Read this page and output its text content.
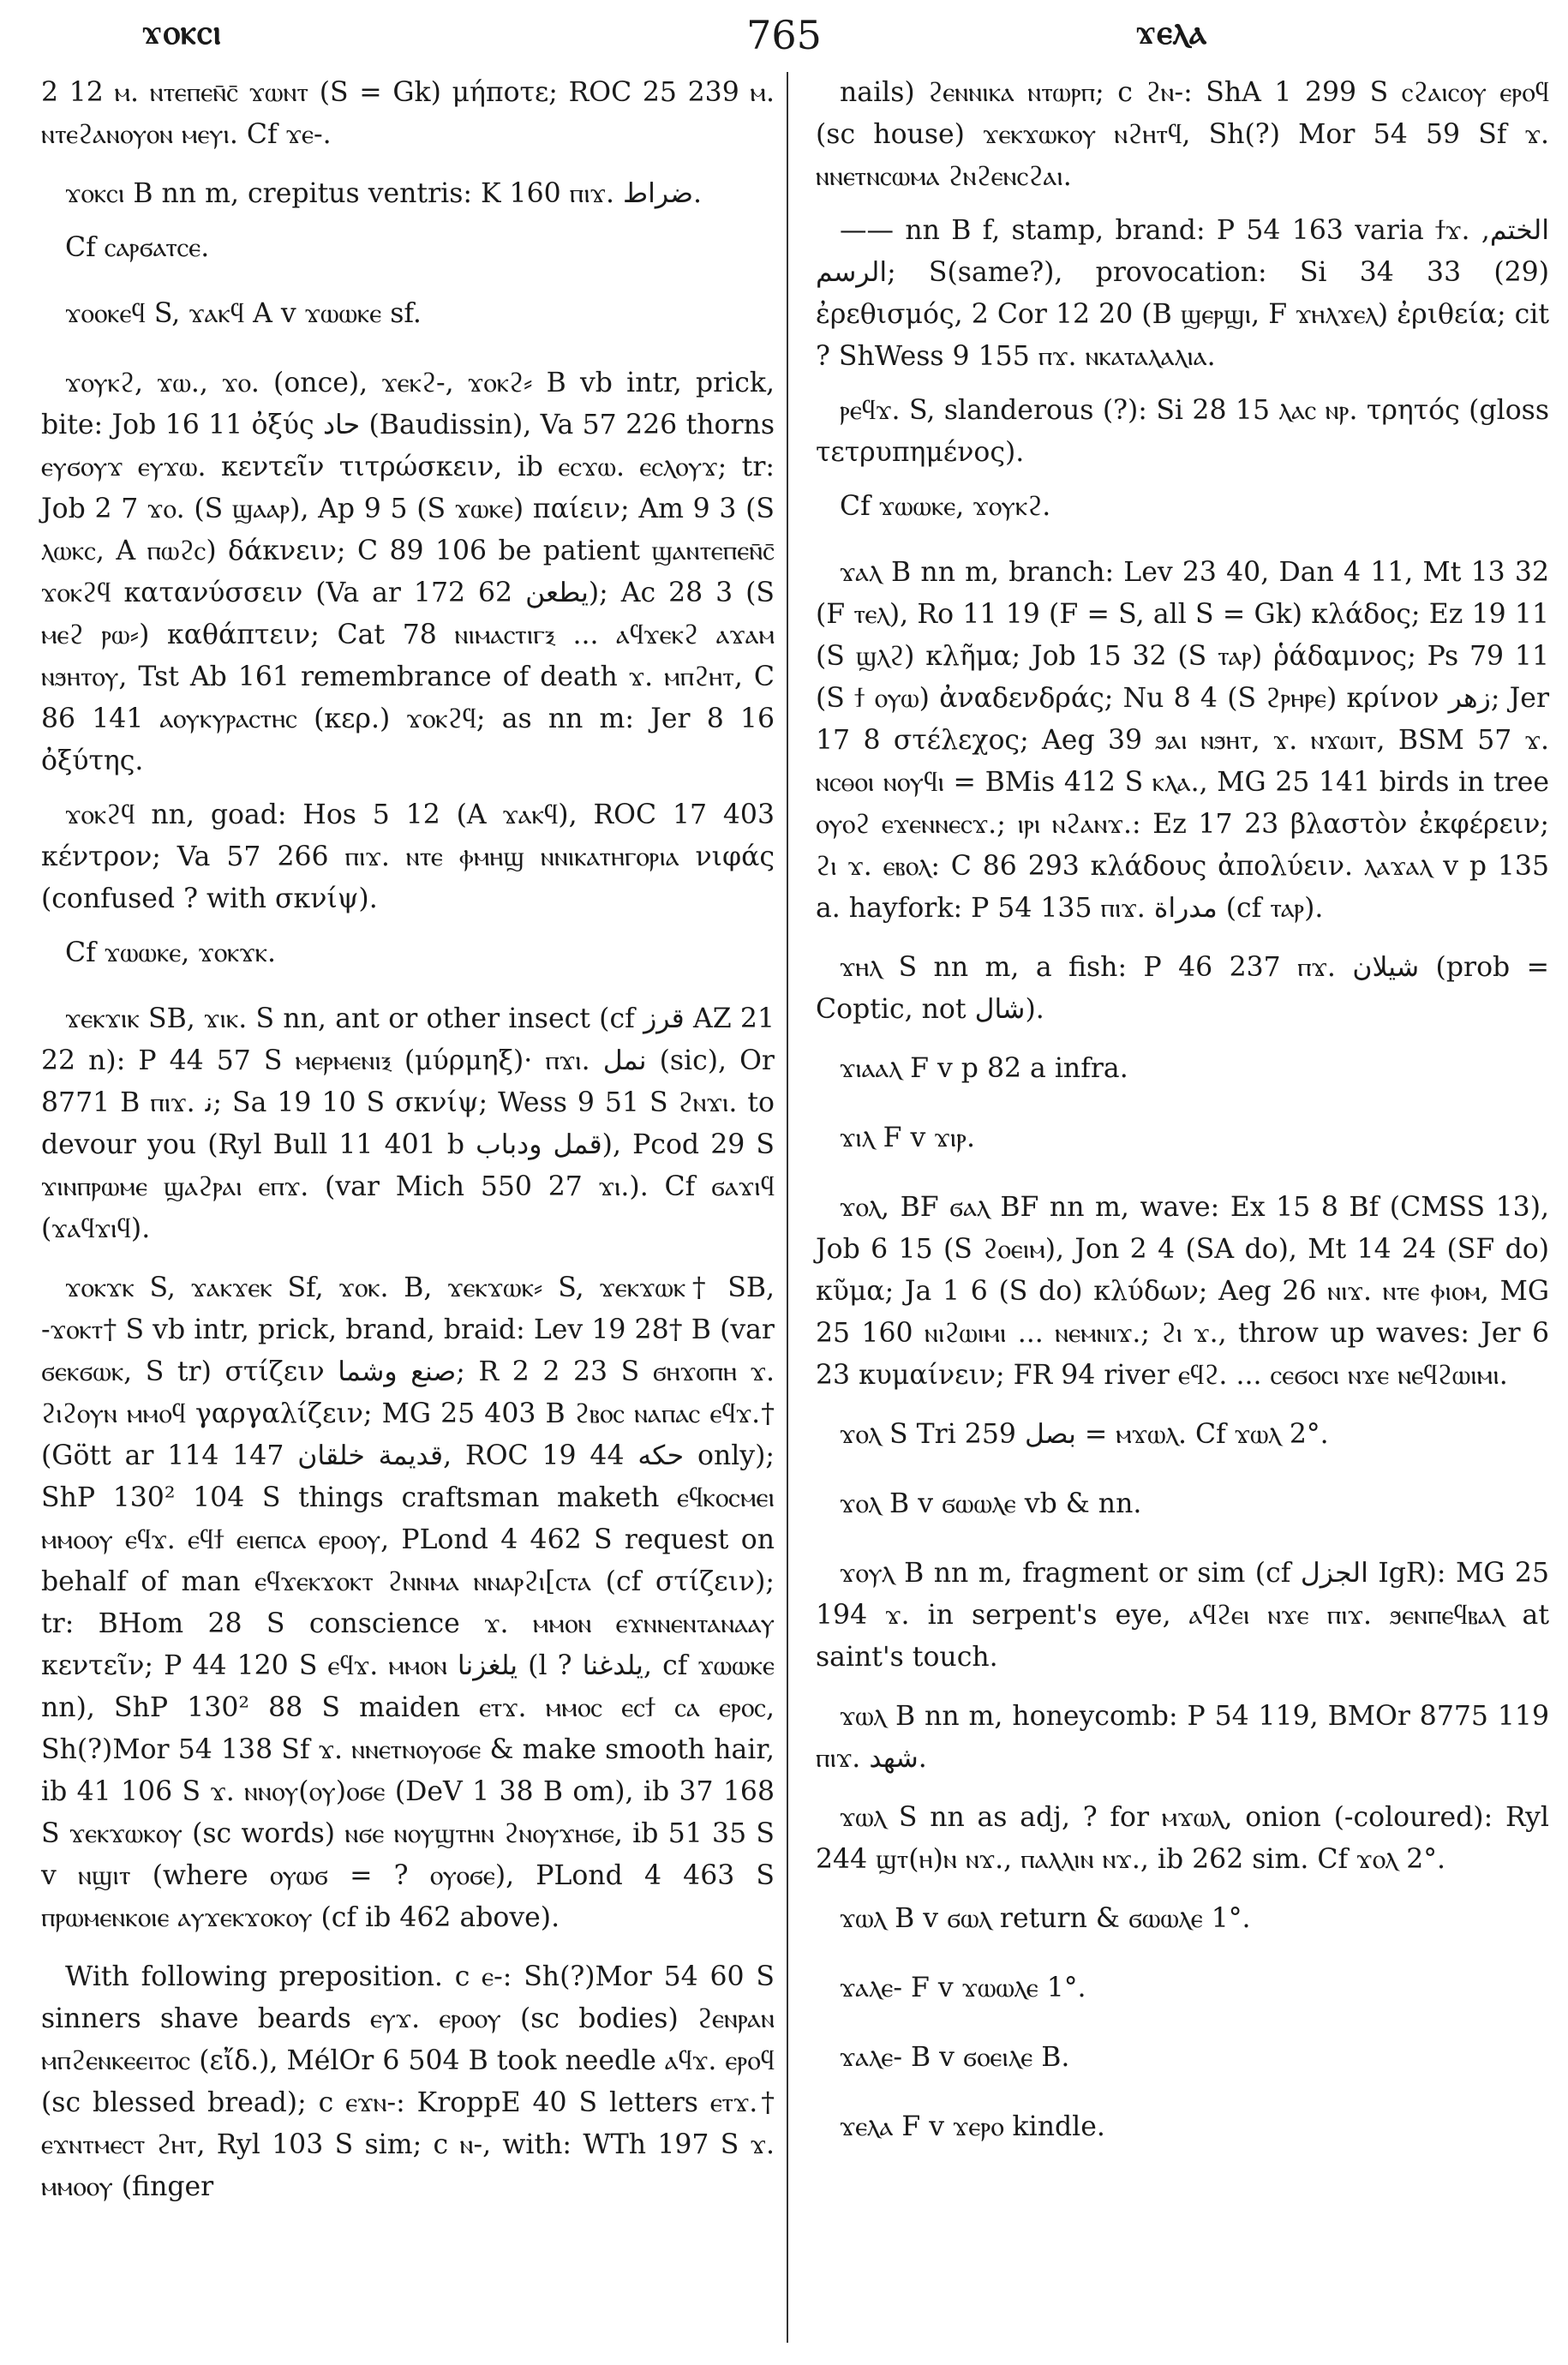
765
ϫⲟⲕⲥⲓ	ϫⲉⲗⲁ

2 12 ⲙ. ⲛⲧⲉⲡⲉⲛ̄ⲥ̄ ϫⲱⲛⲧ (S = Gk) μήποτε; ROC 25 239 ⲙ. ⲛⲧⲉϩⲁⲛⲟⲩⲟⲛ ⲙⲉⲩⲓ. Cf ϫⲉ-.

ϫⲟⲕⲥⲓ B nn m, crepitus ventris: K 160 ⲡⲓϫ. ضراط.

Cf ⲥⲁⲣϭⲁⲧⲥⲉ.

ϫⲟⲟⲕⲉϥ S, ϫⲁⲕϥ A v ϫⲱⲱⲕⲉ sf.

ϫⲟⲩⲕϩ, ϫⲱ., ϫⲟ. (once), ϫⲉⲕϩ-, ϫⲟⲕϩ⸗ B vb intr, prick, bite: Job 16 11 ὀξύς ﺣﺎﺩ (Baudissin), Va 57 226 thorns ⲉⲩϭⲟⲩϫ ⲉⲩϫⲱ. κεντεῖν τιτρώσκειν, ib ⲉⲥϫⲱ. ⲉⲥⲗⲟⲩϫ; tr: Job 2 7 ϫⲟ. (S ϣⲁⲁⲣ), Ap 9 5 (S ϫⲱⲕⲉ) παίειν; Am 9 3 (S ⲗⲱⲕⲥ, A ⲡⲱϩⲥ) δάκνειν; C 89 106 be patient ϣⲁⲛⲧⲉⲡⲉⲛ̄ⲥ̄ ϫⲟⲕϩϥ κατανύσσειν (Va ar 172 62 ﻳﻄﻌﻦ); Ac 28 3 (S ⲙⲉϩ ⲣⲱ⸗) καθάπτειν; Cat 78 ⲛⲓⲙⲁⲥⲧⲓⲅⲝ ... ⲁϥϫⲉⲕϩ ⲁϫⲁⲙ ⲛϧⲏⲧⲟⲩ, Tst Ab 161 remembrance of death ϫ. ⲙⲡϩⲏⲧ, C 86 141 ⲁⲟⲩⲕⲩⲣⲁⲥⲧⲏⲥ (κερ.) ϫⲟⲕϩϥ; as nn m: Jer 8 16 ὀξύτης.

ϫⲟⲕϩϥ nn, goad: Hos 5 12 (A ϫⲁⲕϥ), ROC 17 403 κέντρον; Va 57 266 ⲡⲓϫ. ⲛⲧⲉ ⲫⲙⲏϣ ⲛⲛⲓⲕⲁⲧⲏⲅⲟⲣⲓⲁ νιφάς (confused ? with σκνίψ).

Cf ϫⲱⲱⲕⲉ, ϫⲟⲕϫⲕ.

ϫⲉⲕϫⲓⲕ SB, ϫⲓⲕ. S nn, ant or other insect (cf ﻗﺮﺯ AZ 21 22 n): P 44 57 S ⲙⲉⲣⲙⲉⲛⲓⲝ (μύρμηξ)· ⲡϫⲓ. ﻧﻤﻞ (sic), Or 8771 B ⲡⲓϫ. ﻧ; Sa 19 10 S σκνίψ; Wess 9 51 S ϩⲛϫⲓ. to devour you (Ryl Bull 11 401 b ﻗﻤﻞ ﻭﺩﺑﺎﺏ), Pcod 29 S ϫⲓⲛⲡⲣⲱⲙⲉ ϣⲁϩⲣⲁⲓ ⲉⲡϫ. (var Mich 550 27 ϫⲓ.). Cf ϭⲁϫⲓϥ (ϫⲁϥϫⲓϥ).

ϫⲟⲕϫⲕ S, ϫⲁⲕϫⲉⲕ Sf, ϫⲟⲕ. B, ϫⲉⲕϫⲱⲕ⸗ S, ϫⲉⲕϫⲱⲕ† SB, -ϫⲟⲕⲧ† S vb intr, prick, brand, braid: Lev 19 28† B (var ϭⲉⲕϭⲱⲕ, S tr) στίζειν ﺻﻨﻊ ﻭﺷﻤﺎ; R 2 2 23 S ϭⲏϫⲟⲡⲏ ϫ. ϩⲓϩⲟⲩⲛ ⲙⲙⲟϥ γαργαλίζειν; MG 25 403 B ϩⲃⲟⲥ ⲛⲁⲡⲁⲥ ⲉϥϫ.† (Gött ar 114 147 ﻗﺪﻳﻤﺔ ﺧﻠﻘﺎﻥ, ROC 19 44 ﺣﻜﻪ only); ShP 130² 104 S things craftsman maketh ⲉϥⲕⲟⲥⲙⲉⲓ ⲙⲙⲟⲟⲩ ⲉϥϫ. ⲉϥϯ ⲉⲓⲉⲡⲥⲁ ⲉⲣⲟⲟⲩ, PLond 4 462 S request on behalf of man ⲉϥϫⲉⲕϫⲟⲕⲧ ϩⲛⲛⲙⲁ ⲛⲛⲁⲣϩⲓ[ⲥⲧⲁ (cf στίζειν); tr: BHom 28 S conscience ϫ. ⲙⲙⲟⲛ ⲉϫⲛⲛⲉⲛⲧⲁⲛⲁⲁⲩ κεντεῖν; P 44 120 S ⲉϥϫ. ⲙⲙⲟⲛ ﻳﻠﻐﺰﻧﺎ (l ? ﻳﻠﺪﻏﻨﺎ, cf ϫⲱⲱⲕⲉ nn), ShP 130² 88 S maiden ⲉⲧϫ. ⲙⲙⲟⲥ ⲉⲥϯ ⲥⲁ ⲉⲣⲟⲥ, Sh(?)Mor 54 138 Sf ϫ. ⲛⲛⲉⲧⲛⲟⲩⲟϭⲉ & make smooth hair, ib 41 106 S ϫ. ⲛⲛⲟⲩ(ⲟⲩ)ⲟϭⲉ (DeV 1 38 B om), ib 37 168 S ϫⲉⲕϫⲱⲕⲟⲩ (sc words) ⲛϭⲉ ⲛⲟⲩϣⲧⲏⲛ ϩⲛⲟⲩϫⲏϭⲉ, ib 51 35 S v ⲛϣⲓⲧ (where ⲟⲩⲱϭ = ? ⲟⲩⲟϭⲉ), PLond 4 463 S ⲡⲣⲱⲙⲉⲛⲕⲟⲓⲉ ⲁⲩϫⲉⲕϫⲟⲕⲟⲩ (cf ib 462 above).

With following preposition. c ⲉ-: Sh(?)Mor 54 60 S sinners shave beards ⲉⲩϫ. ⲉⲣⲟⲟⲩ (sc bodies) ϩⲉⲛⲣⲁⲛ ⲙⲡϩⲉⲛⲕⲉⲉⲓⲧⲟⲥ (εἴδ.), MélOr 6 504 B took needle ⲁϥϫ. ⲉⲣⲟϥ (sc blessed bread); c ⲉϫⲛ-: KroppE 40 S letters ⲉⲧϫ.† ⲉϫⲛⲧⲙⲉⲥⲧ ϩⲏⲧ, Ryl 103 S sim; c ⲛ-, with: WTh 197 S ϫ. ⲙⲙⲟⲟⲩ (finger

nails) ϩⲉⲛⲛⲓⲕⲁ ⲛⲧⲱⲣⲡ; c ϩⲛ-: ShA 1 299 S ⲥϩⲁⲓⲥⲟⲩ ⲉⲣⲟϥ (sc house) ϫⲉⲕϫⲱⲕⲟⲩ ⲛϩⲏⲧϥ, Sh(?) Mor 54 59 Sf ϫ. ⲛⲛⲉⲧⲛⲥⲱⲙⲁ ϩⲛϩⲉⲛⲥϩⲁⲓ.

—— nn B f, stamp, brand: P 54 163 varia ϯϫ. ﺍﻟﺨﺘﻢ, ﺍﻟﺮﺳﻢ; S(same?), provocation: Si 34 33 (29) ἐρεθισμός, 2 Cor 12 20 (B ϣⲉⲣϣⲓ, F ϫⲏⲗϫⲉⲗ) ἐριθεία; cit ? ShWess 9 155 ⲡϫ. ⲛⲕⲁⲧⲁⲗⲁⲗⲓⲁ.

ⲣⲉϥϫ. S, slanderous (?): Si 28 15 ⲗⲁⲥ ⲛⲣ. τρητός (gloss τετρυπημένος).

Cf ϫⲱⲱⲕⲉ, ϫⲟⲩⲕϩ.

ϫⲁⲗ B nn m, branch: Lev 23 40, Dan 4 11, Mt 13 32 (F ⲧⲉⲗ), Ro 11 19 (F = S, all S = Gk) κλάδος; Ez 19 11 (S ϣⲗϩ) κλῆμα; Job 15 32 (S ⲧⲁⲣ) ῥάδαμνος; Ps 79 11 (S ϯ ⲟⲩⲱ) ἀναδενδράς; Nu 8 4 (S ϩⲣⲏⲣⲉ) κρίνον ﺯﻫﺮ; Jer 17 8 στέλεχος; Aeg 39 ϧⲁⲓ ⲛϧⲏⲧ, ϫ. ⲛϫⲱⲓⲧ, BSM 57 ϫ. ⲛⲥⲑⲟⲓ ⲛⲟⲩϥⲓ = BMis 412 S ⲕⲗⲁ., MG 25 141 birds in tree ⲟⲩⲟϩ ⲉϫⲉⲛⲛⲉⲥϫ.; ⲓⲣⲓ ⲛϩⲁⲛϫ.: Ez 17 23 βλαστὸν ἐκφέρειν; ϩⲓ ϫ. ⲉⲃⲟⲗ: C 86 293 κλάδους ἀπολύειν. ⲗⲁϫⲁⲗ v p 135 a. hayfork: P 54 135 ⲡⲓϫ. ﻣﺪﺭﺍﺓ (cf ⲧⲁⲣ).

ϫⲏⲗ S nn m, a fish: P 46 237 ⲡϫ. ﺷﻴﻼﻥ (prob = Coptic, not ﺷﺎﻝ).

ϫⲓⲁⲁⲗ F v p 82 a infra.

ϫⲓⲗ F v ϫⲓⲣ.

ϫⲟⲗ, BF ϭⲁⲗ BF nn m, wave: Ex 15 8 Bf (CMSS 13), Job 6 15 (S ϩⲟⲉⲓⲙ), Jon 2 4 (SA do), Mt 14 24 (SF do) κῦμα; Ja 1 6 (S do) κλύδων; Aeg 26 ⲛⲓϫ. ⲛⲧⲉ ⲫⲓⲟⲙ, MG 25 160 ⲛⲓϩⲱⲓⲙⲓ ... ⲛⲉⲙⲛⲓϫ.; ϩⲓ ϫ., throw up waves: Jer 6 23 κυμαίνειν; FR 94 river ⲉϥϩ. ... ⲥⲉϭⲟⲥⲓ ⲛϫⲉ ⲛⲉϥϩⲱⲓⲙⲓ.

ϫⲟⲗ S Tri 259 ﺑﺼﻞ = ⲙϫⲱⲗ. Cf ϫⲱⲗ 2°.

ϫⲟⲗ B v ϭⲱⲱⲗⲉ vb & nn.

ϫⲟⲩⲗ B nn m, fragment or sim (cf ﺍﻟﺠﺰﻝ IgR): MG 25 194 ϫ. in serpent's eye, ⲁϥϩⲉⲓ ⲛϫⲉ ⲡⲓϫ. ϧⲉⲛⲡⲉϥⲃⲁⲗ at saint's touch.

ϫⲱⲗ B nn m, honeycomb: P 54 119, BMOr 8775 119 ⲡⲓϫ. ﺷﻬﺪ.

ϫⲱⲗ S nn as adj, ? for ⲙϫⲱⲗ, onion (-coloured): Ryl 244 ϣⲧ(ⲏ)ⲛ ⲛϫ., ⲡⲁⲗⲗⲓⲛ ⲛϫ., ib 262 sim. Cf ϫⲟⲗ 2°.

ϫⲱⲗ B v ϭⲱⲗ return & ϭⲱⲱⲗⲉ 1°.

ϫⲁⲗⲉ- F v ϫⲱⲱⲗⲉ 1°.

ϫⲁⲗⲉ- B v ϭⲟⲉⲓⲗⲉ B.

ϫⲉⲗⲁ F v ϫⲉⲣⲟ kindle.
